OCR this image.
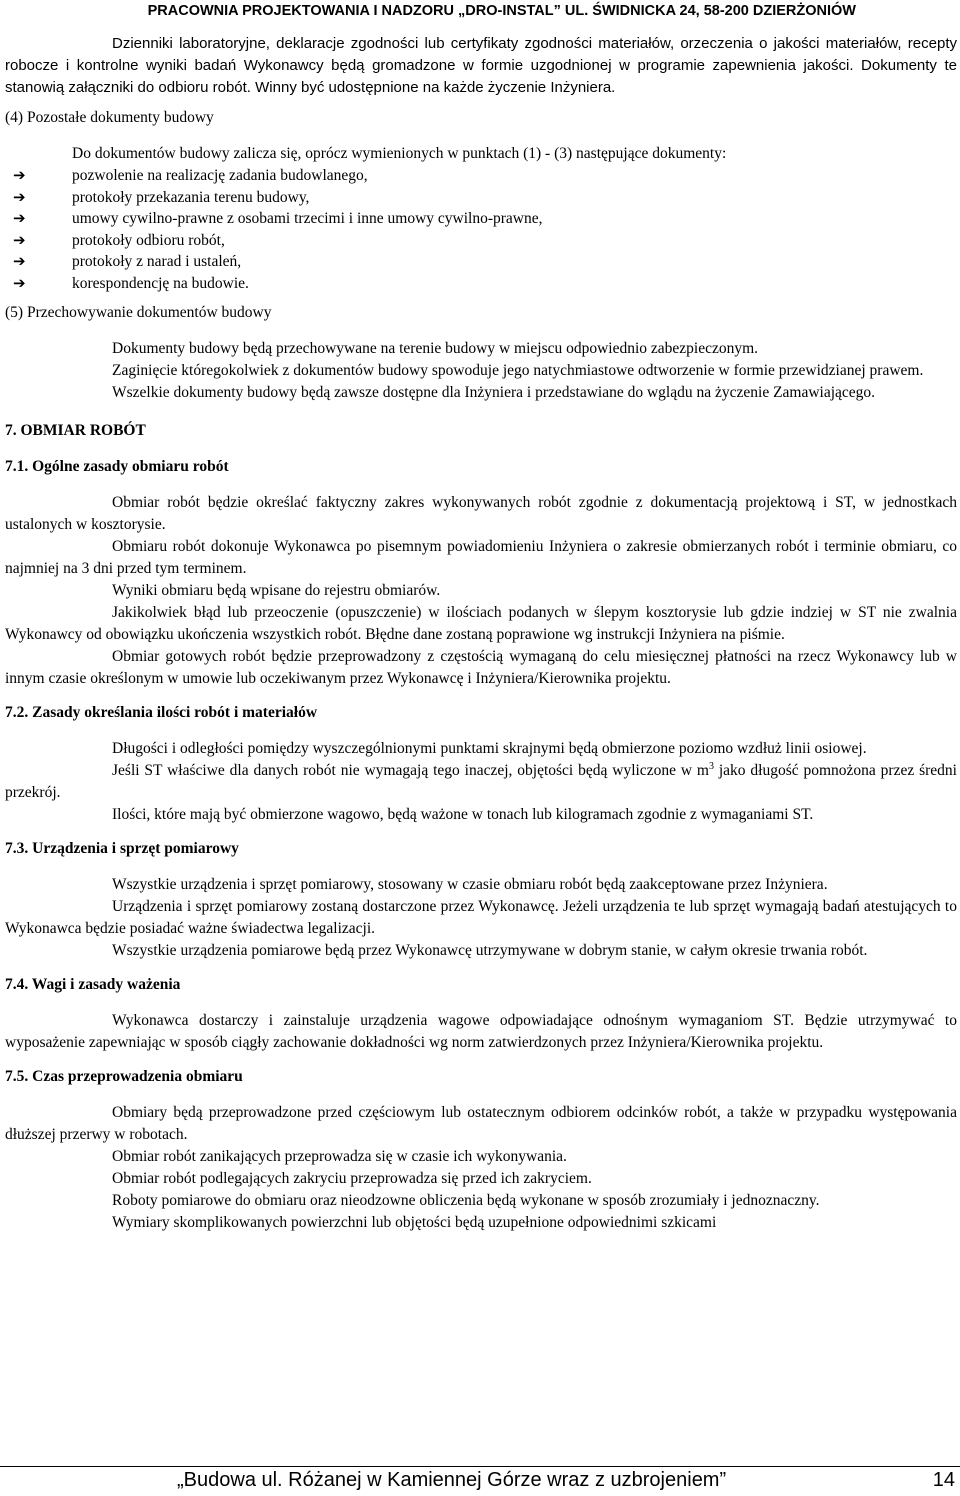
PRACOWNIA PROJEKTOWANIA I NADZORU „DRO-INSTAL” UL. ŚWIDNICKA 24, 58-200 DZIERŻONIÓW

Dzienniki laboratoryjne, deklaracje zgodności lub certyfikaty zgodności materiałów, orzeczenia o jakości materiałów, recepty robocze i kontrolne wyniki badań Wykonawcy będą gromadzone w formie uzgodnionej w programie zapewnienia jakości. Dokumenty te stanowią załączniki do odbioru robót. Winny być udostępnione na każde życzenie Inżyniera.

(4) Pozostałe dokumenty budowy

Do dokumentów budowy zalicza się, oprócz wymienionych w punktach (1) - (3) następujące dokumenty:

➔	pozwolenie na realizację zadania budowlanego,
➔	protokoły przekazania terenu budowy,
➔	umowy cywilno-prawne z osobami trzecimi i inne umowy cywilno-prawne,
➔	protokoły odbioru robót,
➔	protokoły z narad i ustaleń,
➔	korespondencję na budowie.

(5) Przechowywanie dokumentów budowy

Dokumenty budowy będą przechowywane na terenie budowy w miejscu odpowiednio zabezpieczonym.

Zaginięcie któregokolwiek z dokumentów budowy spowoduje jego natychmiastowe odtworzenie w formie przewidzianej prawem.

Wszelkie dokumenty budowy będą zawsze dostępne dla Inżyniera i przedstawiane do wglądu na życzenie Zamawiającego.

7. OBMIAR ROBÓT

7.1. Ogólne zasady obmiaru robót

Obmiar robót będzie określać faktyczny zakres wykonywanych robót zgodnie z dokumentacją projektową i ST, w jednostkach ustalonych w kosztorysie.

Obmiaru robót dokonuje Wykonawca po pisemnym powiadomieniu Inżyniera o zakresie obmierzanych robót i terminie obmiaru, co najmniej na 3 dni przed tym terminem.

Wyniki obmiaru będą wpisane do rejestru obmiarów.

Jakikolwiek błąd lub przeoczenie (opuszczenie) w ilościach podanych w ślepym kosztorysie lub gdzie indziej w ST nie zwalnia Wykonawcy od obowiązku ukończenia wszystkich robót. Błędne dane zostaną poprawione wg instrukcji Inżyniera na piśmie.

Obmiar gotowych robót będzie przeprowadzony z częstością wymaganą do celu miesięcznej płatności na rzecz Wykonawcy lub w innym czasie określonym w umowie lub oczekiwanym przez Wykonawcę i Inżyniera/Kierownika projektu.

7.2. Zasady określania ilości robót i materiałów

Długości i odległości pomiędzy wyszczególnionymi punktami skrajnymi będą obmierzone poziomo wzdłuż linii osiowej.

Jeśli ST właściwe dla danych robót nie wymagają tego inaczej, objętości będą wyliczone w $m^3$ jako długość pomnożona przez średni przekrój.

Ilości, które mają być obmierzone wagowo, będą ważone w tonach lub kilogramach zgodnie z wymaganiami ST.

7.3. Urządzenia i sprzęt pomiarowy

Wszystkie urządzenia i sprzęt pomiarowy, stosowany w czasie obmiaru robót będą zaakceptowane przez Inżyniera.

Urządzenia i sprzęt pomiarowy zostaną dostarczone przez Wykonawcę. Jeżeli urządzenia te lub sprzęt wymagają badań atestujących to Wykonawca będzie posiadać ważne świadectwa legalizacji.

Wszystkie urządzenia pomiarowe będą przez Wykonawcę utrzymywane w dobrym stanie, w całym okresie trwania robót.

7.4. Wagi i zasady ważenia

Wykonawca dostarczy i zainstaluje urządzenia wagowe odpowiadające odnośnym wymaganiom ST. Będzie utrzymywać to wyposażenie zapewniając w sposób ciągły zachowanie dokładności wg norm zatwierdzonych przez Inżyniera/Kierownika projektu.

7.5. Czas przeprowadzenia obmiaru

Obmiary będą przeprowadzone przed częściowym lub ostatecznym odbiorem odcinków robót, a także w przypadku występowania dłuższej przerwy w robotach.

Obmiar robót zanikających przeprowadza się w czasie ich wykonywania.

Obmiar robót podlegających zakryciu przeprowadza się przed ich zakryciem.

Roboty pomiarowe do obmiaru oraz nieodzowne obliczenia będą wykonane w sposób zrozumiały i jednoznaczny.

Wymiary skomplikowanych powierzchni lub objętości będą uzupełnione odpowiednimi szkicami

„Budowa ul. Różanej w Kamiennej Górze wraz z uzbrojeniem”	14
